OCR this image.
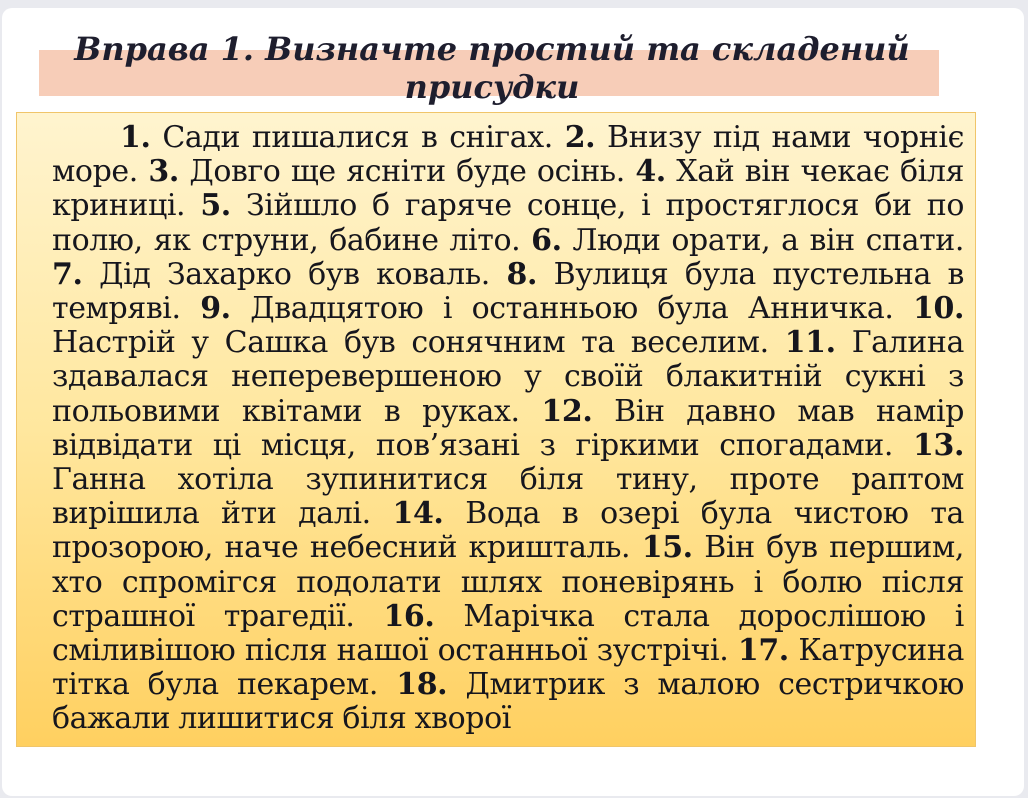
Вправа 1. Визначте простий та складений присудки

1. Сади пишалися в снігах. 2. Внизу під нами чорніє море. 3. Довго ще ясніти буде осінь. 4. Хай він чекає біля криниці. 5. Зійшло б гаряче сонце, і простяглося би по полю, як струни, бабине літо. 6. Люди орати, а він спати. 7. Дід Захарко був коваль. 8. Вулиця була пустельна в темряві. 9. Двадцятою і останньою була Анничка. 10. Настрій у Сашка був сонячним та веселим. 11. Галина здавалася неперевершеною у своїй блакитній сукні з польовими квітами в руках. 12. Він давно мав намір відвідати ці місця, пов’язані з гіркими спогадами. 13. Ганна хотіла зупинитися біля тину, проте раптом вирішила йти далі. 14. Вода в озері була чистою та прозорою, наче небесний кришталь. 15. Він був першим, хто спромігся подолати шлях поневірянь і болю після страшної трагедії. 16. Марічка стала дорослішою і сміливішою після нашої останньої зустрічі. 17. Катрусина тітка була пекарем. 18. Дмитрик з малою сестричкою бажали лишитися біля хворої
